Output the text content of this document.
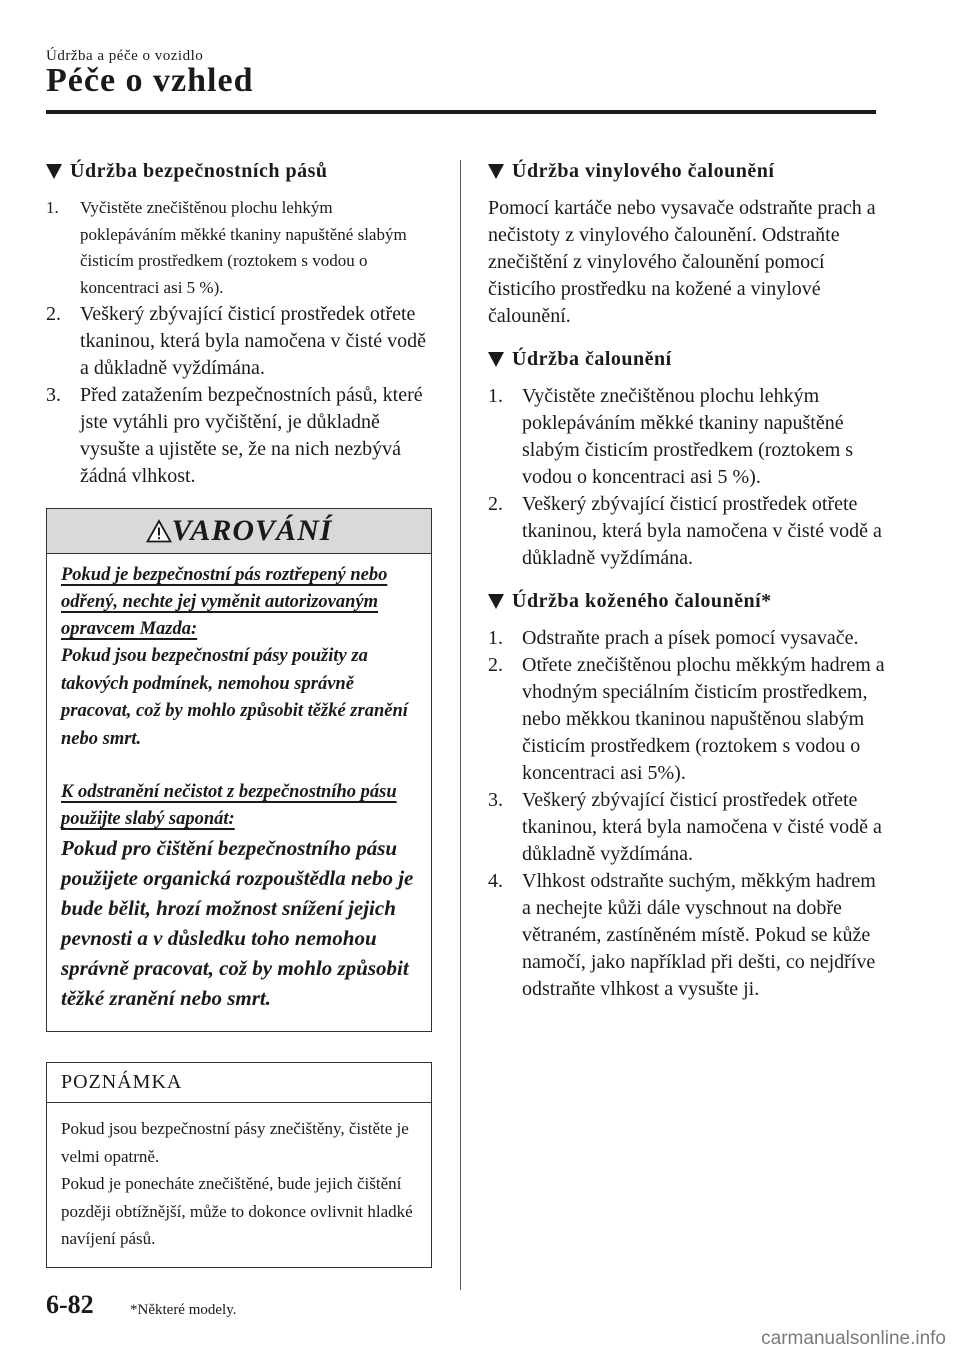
Údržba a péče o vozidlo
Péče o vzhled
Údržba bezpečnostních pásů
1. Vyčistěte znečištěnou plochu lehkým poklepáváním měkké tkaniny napuštěné slabým čisticím prostředkem (roztokem s vodou o koncentraci asi 5 %).
2. Veškerý zbývající čisticí prostředek otřete tkaninou, která byla namočena v čisté vodě a důkladně vyždímána.
3. Před zatažením bezpečnostních pásů, které jste vytáhli pro vyčištění, je důkladně vysušte a ujistěte se, že na nich nezbývá žádná vlhkost.
VAROVÁNÍ
Pokud je bezpečnostní pás roztřepený nebo odřený, nechte jej vyměnit autorizovaným opravcem Mazda:

Pokud jsou bezpečnostní pásy použity za takových podmínek, nemohou správně pracovat, což by mohlo způsobit těžké zranění nebo smrt.

K odstranění nečistot z bezpečnostního pásu použijte slabý saponát:

Pokud pro čištění bezpečnostního pásu použijete organická rozpouštědla nebo je bude bělit, hrozí možnost snížení jejich pevnosti a v důsledku toho nemohou správně pracovat, což by mohlo způsobit těžké zranění nebo smrt.

POZNÁMKA

Pokud jsou bezpečnostní pásy znečištěny, čistěte je velmi opatrně.

Pokud je ponecháte znečištěné, bude jejich čištění později obtížnější, může to dokonce ovlivnit hladké navíjení pásů.

Údržba vinylového čalounění

Pomocí kartáče nebo vysavače odstraňte prach a nečistoty z vinylového čalounění. Odstraňte znečištění z vinylového čalounění pomocí čisticího prostředku na kožené a vinylové čalounění.

Údržba čalounění
1. Vyčistěte znečištěnou plochu lehkým poklepáváním měkké tkaniny napuštěné slabým čisticím prostředkem (roztokem s vodou o koncentraci asi 5 %).
2. Veškerý zbývající čisticí prostředek otřete tkaninou, která byla namočena v čisté vodě a důkladně vyždímána.
Údržba koženého čalounění*
1. Odstraňte prach a písek pomocí vysavače.
2. Otřete znečištěnou plochu měkkým hadrem a vhodným speciálním čisticím prostředkem, nebo měkkou tkaninou napuštěnou slabým čisticím prostředkem (roztokem s vodou o koncentraci asi 5%).
3. Veškerý zbývající čisticí prostředek otřete tkaninou, která byla namočena v čisté vodě a důkladně vyždímána.
4. Vlhkost odstraňte suchým, měkkým hadrem a nechejte kůži dále vyschnout na dobře větraném, zastíněném místě. Pokud se kůže namočí, jako například při dešti, co nejdříve odstraňte vlhkost a vysušte ji.
6-82 *Některé modely.
carmanualsonline.info
